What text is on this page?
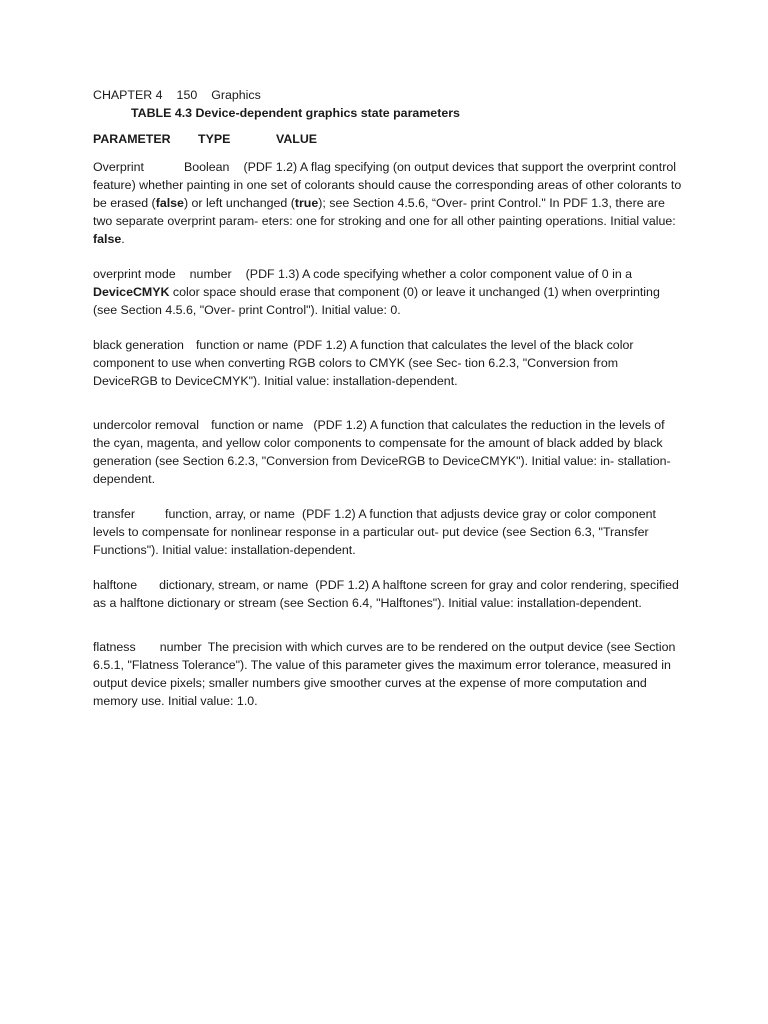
CHAPTER 4 150 Graphics
TABLE 4.3 Device-dependent graphics state parameters
PARAMETER TYPE	VALUE

Overprint	Boolean (PDF 1.2) A flag specifying (on output devices that support the overprint control feature) whether painting in one set of colorants should cause the corresponding areas of other colorants to be erased (false) or left unchanged (true); see Section 4.5.6, “Over- print Control." In PDF 1.3, there are two separate overprint param- eters: one for stroking and one for all other painting operations. Initial value: false.

overprint mode number (PDF 1.3) A code specifying whether a color component value of 0 in a DeviceCMYK color space should erase that component (0) or leave it unchanged (1) when overprinting (see Section 4.5.6, "Over- print Control"). Initial value: 0.

black generation function or name (PDF 1.2) A function that calculates the level of the black color component to use when converting RGB colors to CMYK (see Sec- tion 6.2.3, "Conversion from DeviceRGB to DeviceCMYK"). Initial value: installation-dependent.

undercolor removal function or name (PDF 1.2) A function that calculates the reduction in the levels of the cyan, magenta, and yellow color components to compensate for the amount of black added by black generation (see Section 6.2.3, "Conversion from DeviceRGB to DeviceCMYK"). Initial value: in- stallation-dependent.

transfer function, array, or name (PDF 1.2) A function that adjusts device gray or color component levels to compensate for nonlinear response in a particular out- put device (see Section 6.3, "Transfer Functions"). Initial value: installation-dependent.

halftone dictionary, stream, or name (PDF 1.2) A halftone screen for gray and color rendering, specified as a halftone dictionary or stream (see Section 6.4, "Halftones"). Initial value: installation-dependent.

flatness number The precision with which curves are to be rendered on the output device (see Section 6.5.1, "Flatness Tolerance"). The value of this parameter gives the maximum error tolerance, measured in output device pixels; smaller numbers give smoother curves at the expense of more computation and memory use. Initial value: 1.0.
